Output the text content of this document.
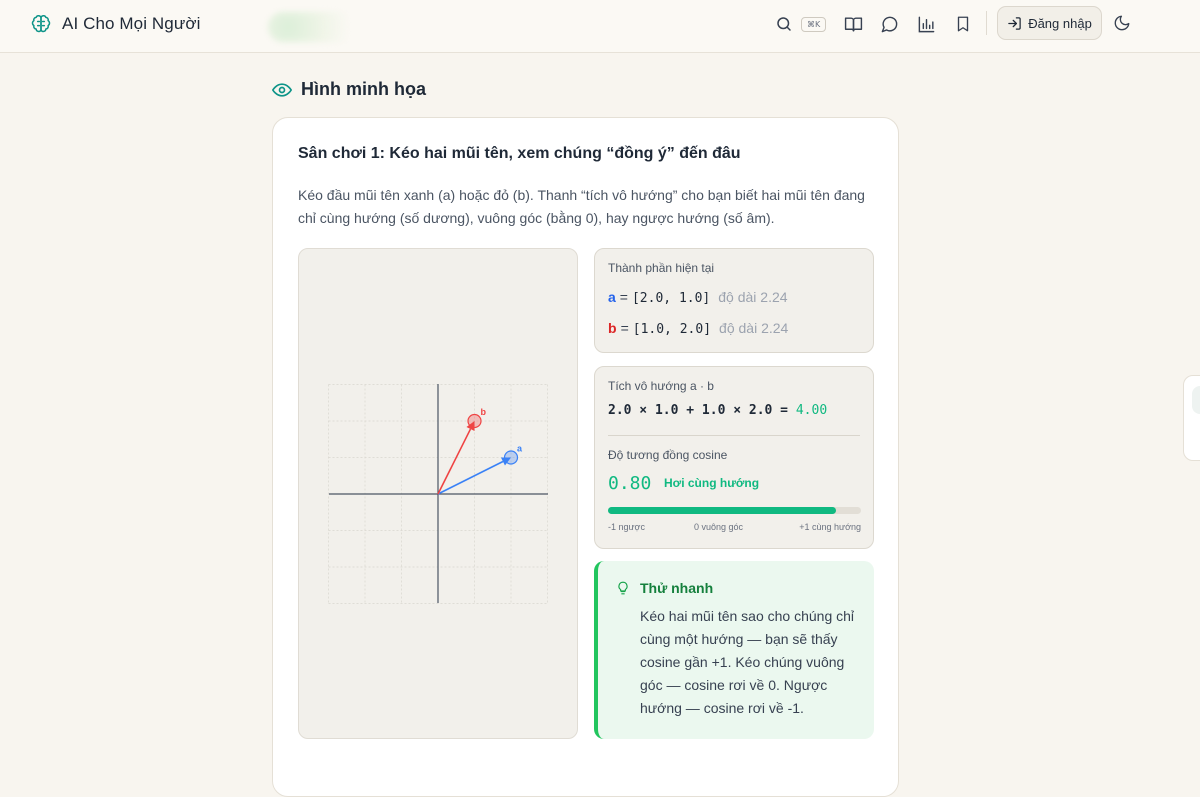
AI Cho Mọi Người	⌘K	Đăng nhập
Hình minh họa
Sân chơi 1: Kéo hai mũi tên, xem chúng “đồng ý” đến đâu
Kéo đầu mũi tên xanh (a) hoặc đỏ (b). Thanh “tích vô hướng” cho bạn biết hai mũi tên đang chỉ cùng hướng (số dương), vuông góc (bằng 0), hay ngược hướng (số âm).
a
b
Thành phần hiện tại
a = [2.0, 1.0] độ dài 2.24
b = [1.0, 2.0] độ dài 2.24
Tích vô hướng a · b
2.0 × 1.0 + 1.0 × 2.0 = 4.00
Độ tương đồng cosine
0.80 Hơi cùng hướng
-1 ngược	0 vuông góc	+1 cùng hướng
Thử nhanh
Kéo hai mũi tên sao cho chúng chỉ cùng một hướng — bạn sẽ thấy cosine gần +1. Kéo chúng vuông góc — cosine rơi về 0. Ngược hướng — cosine rơi về -1.
